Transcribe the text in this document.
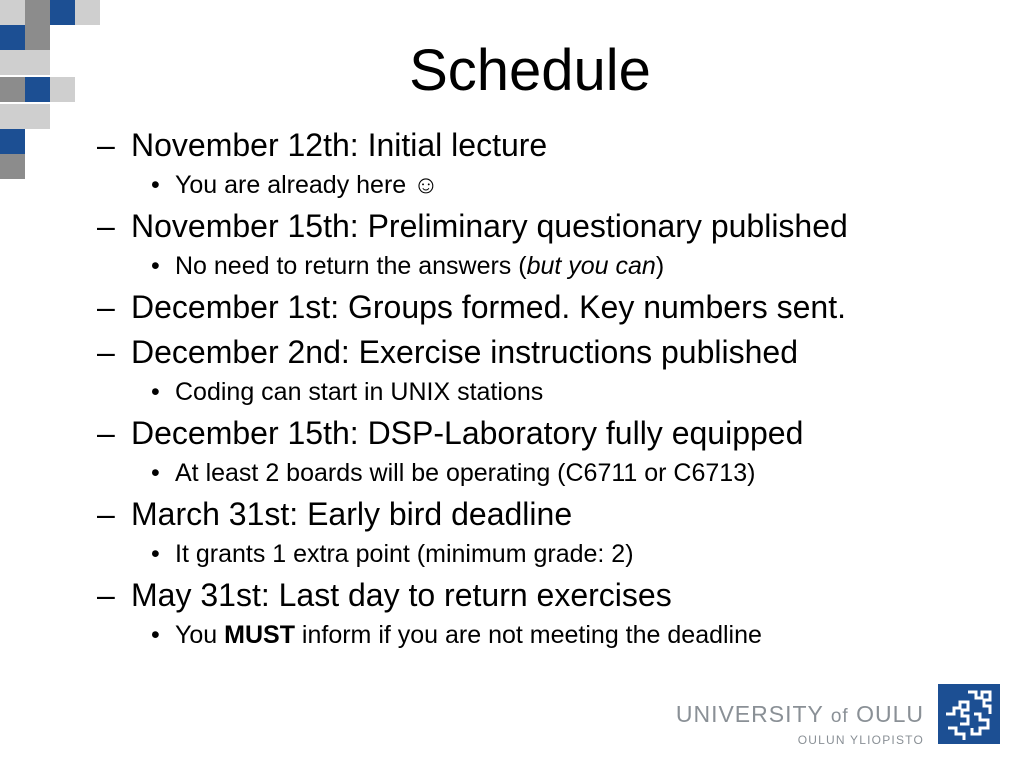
Schedule
– November 12th: Initial lecture
• You are already here ☺
– November 15th: Preliminary questionary published
• No need to return the answers (but you can)
– December 1st: Groups formed. Key numbers sent.
– December 2nd: Exercise instructions published
• Coding can start in UNIX stations
– December 15th: DSP-Laboratory fully equipped
• At least 2 boards will be operating (C6711 or C6713)
– March 31st: Early bird deadline
• It grants 1 extra point (minimum grade: 2)
– May 31st: Last day to return exercises
• You MUST inform if you are not meeting the deadline
UNIVERSITY of OULU
OULUN YLIOPISTO
